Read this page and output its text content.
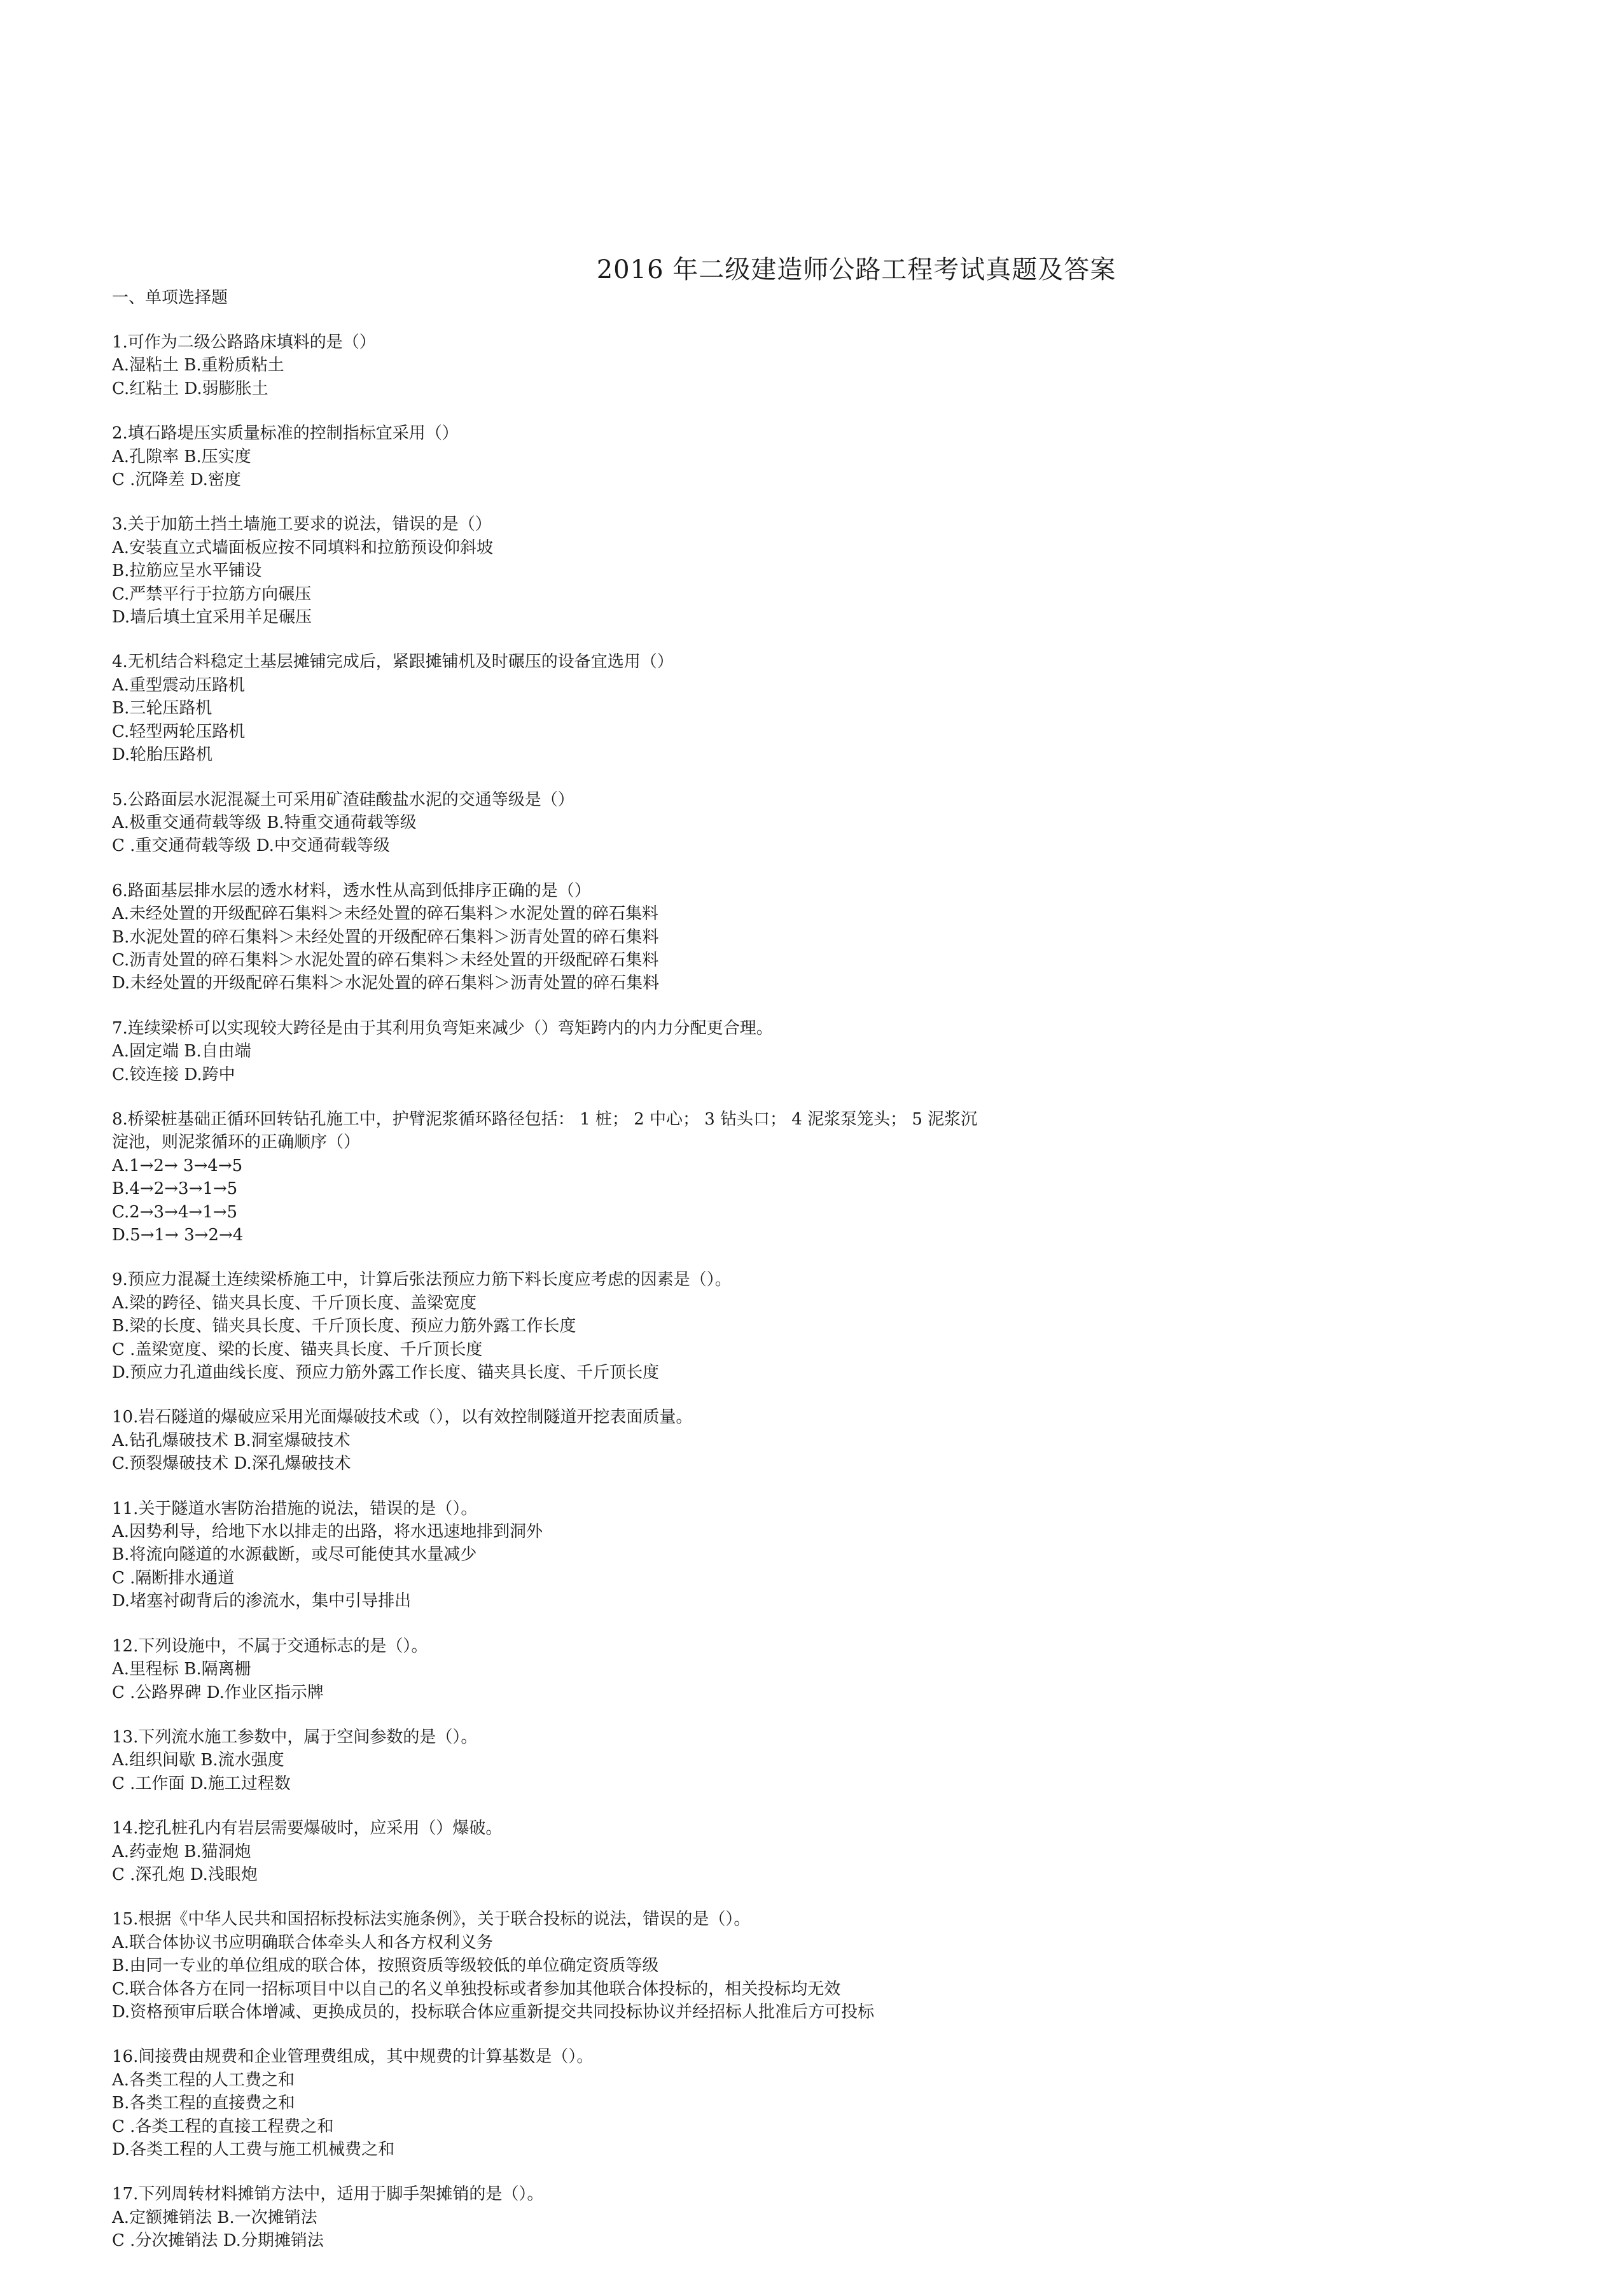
2016 年二级建造师公路工程考试真题及答案
一、单项选择题
1.可作为二级公路路床填料的是（）
A.湿粘土 B.重粉质粘土
C.红粘土 D.弱膨胀土
2.填石路堤压实质量标准的控制指标宜采用（）
A.孔隙率 B.压实度
C .沉降差 D.密度
3.关于加筋土挡土墙施工要求的说法，错误的是（）
A.安装直立式墙面板应按不同填料和拉筋预设仰斜坡
B.拉筋应呈水平铺设
C.严禁平行于拉筋方向碾压
D.墙后填土宜采用羊足碾压
4.无机结合料稳定土基层摊铺完成后，紧跟摊铺机及时碾压的设备宜选用（）
A.重型震动压路机
B.三轮压路机
C.轻型两轮压路机
D.轮胎压路机
5.公路面层水泥混凝土可采用矿渣硅酸盐水泥的交通等级是（）
A.极重交通荷载等级 B.特重交通荷载等级
C .重交通荷载等级 D.中交通荷载等级
6.路面基层排水层的透水材料，透水性从高到低排序正确的是（）
A.未经处置的开级配碎石集料＞未经处置的碎石集料＞水泥处置的碎石集料
B.水泥处置的碎石集料＞未经处置的开级配碎石集料＞沥青处置的碎石集料
C.沥青处置的碎石集料＞水泥处置的碎石集料＞未经处置的开级配碎石集料
D.未经处置的开级配碎石集料＞水泥处置的碎石集料＞沥青处置的碎石集料
7.连续梁桥可以实现较大跨径是由于其利用负弯矩来减少（）弯矩跨内的内力分配更合理。
A.固定端 B.自由端
C.铰连接 D.跨中
8.桥梁桩基础正循环回转钻孔施工中，护臂泥浆循环路径包括： 1 桩； 2 中心； 3 钻头口； 4 泥浆泵笼头； 5 泥浆沉
淀池，则泥浆循环的正确顺序（）
A.1→2→ 3→4→5
B.4→2→3→1→5
C.2→3→4→1→5
D.5→1→ 3→2→4
9.预应力混凝土连续梁桥施工中，计算后张法预应力筋下料长度应考虑的因素是（）。
A.梁的跨径、锚夹具长度、千斤顶长度、盖梁宽度
B.梁的长度、锚夹具长度、千斤顶长度、预应力筋外露工作长度
C .盖梁宽度、梁的长度、锚夹具长度、千斤顶长度
D.预应力孔道曲线长度、预应力筋外露工作长度、锚夹具长度、千斤顶长度
10.岩石隧道的爆破应采用光面爆破技术或（），以有效控制隧道开挖表面质量。
A.钻孔爆破技术 B.洞室爆破技术
C.预裂爆破技术 D.深孔爆破技术
11.关于隧道水害防治措施的说法，错误的是（）。
A.因势利导，给地下水以排走的出路，将水迅速地排到洞外
B.将流向隧道的水源截断，或尽可能使其水量减少
C .隔断排水通道
D.堵塞衬砌背后的渗流水，集中引导排出
12.下列设施中，不属于交通标志的是（）。
A.里程标 B.隔离栅
C .公路界碑 D.作业区指示牌
13.下列流水施工参数中，属于空间参数的是（）。
A.组织间歇 B.流水强度
C .工作面 D.施工过程数
14.挖孔桩孔内有岩层需要爆破时，应采用（）爆破。
A.药壶炮 B.猫洞炮
C .深孔炮 D.浅眼炮
15.根据《中华人民共和国招标投标法实施条例》，关于联合投标的说法，错误的是（）。
A.联合体协议书应明确联合体牵头人和各方权利义务
B.由同一专业的单位组成的联合体，按照资质等级较低的单位确定资质等级
C.联合体各方在同一招标项目中以自己的名义单独投标或者参加其他联合体投标的，相关投标均无效
D.资格预审后联合体增减、更换成员的，投标联合体应重新提交共同投标协议并经招标人批准后方可投标
16.间接费由规费和企业管理费组成，其中规费的计算基数是（）。
A.各类工程的人工费之和
B.各类工程的直接费之和
C .各类工程的直接工程费之和
D.各类工程的人工费与施工机械费之和
17.下列周转材料摊销方法中，适用于脚手架摊销的是（）。
A.定额摊销法 B.一次摊销法
C .分次摊销法 D.分期摊销法
